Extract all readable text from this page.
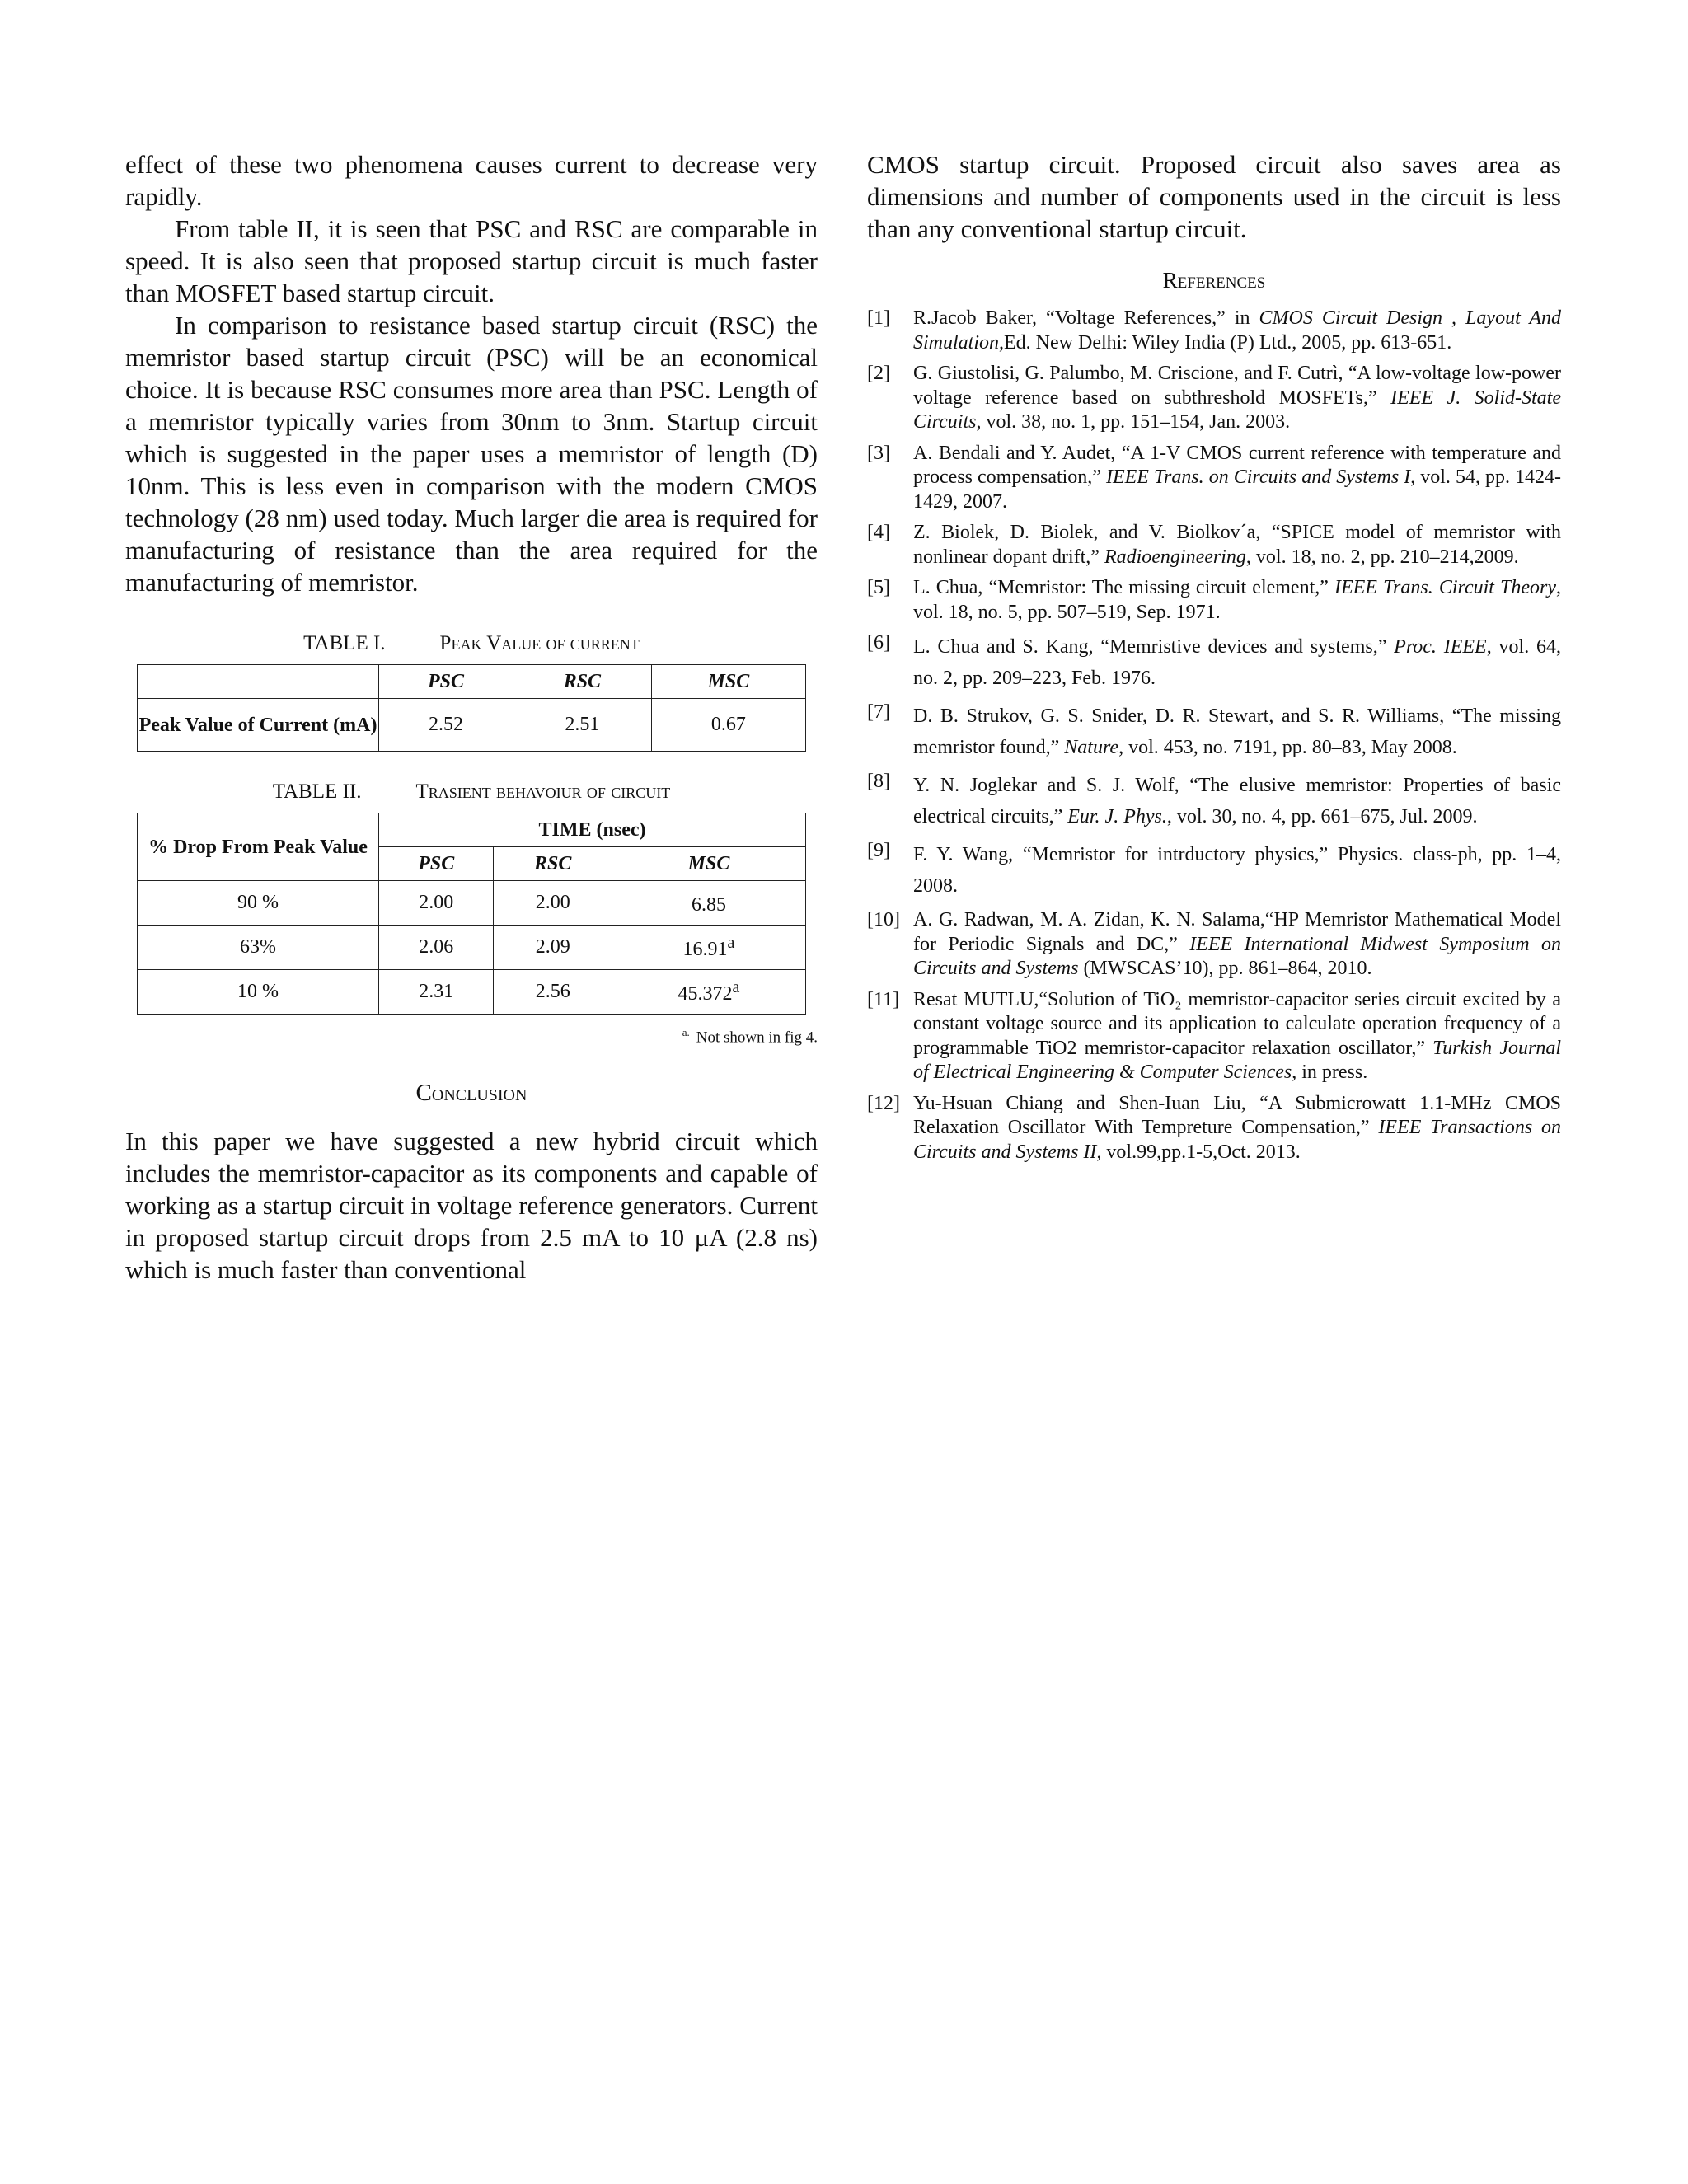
effect of these two phenomena causes current to decrease very rapidly.

From table II, it is seen that PSC and RSC are comparable in speed. It is also seen that proposed startup circuit is much faster than MOSFET based startup circuit.

In comparison to resistance based startup circuit (RSC) the memristor based startup circuit (PSC) will be an economical choice. It is because RSC consumes more area than PSC. Length of a memristor typically varies from 30nm to 3nm. Startup circuit which is suggested in the paper uses a memristor of length (D) 10nm. This is less even in comparison with the modern CMOS technology (28 nm) used today. Much larger die area is required for manufacturing of resistance than the area required for the manufacturing of memristor.

TABLE I.	Peak Value of current
	PSC	RSC	MSC
Peak Value of Current (mA)	2.52	2.51	0.67
TABLE II.	Trasient behavoiur of circuit
% Drop From Peak Value	TIME (nsec)		
	PSC	RSC	MSC
90 %	2.00	2.00	6.85
63%	2.06	2.09	16.91$^a$
10 %	2.31	2.56	45.372$^a$
$^{a.}$ Not shown in fig 4.
Conclusion

In this paper we have suggested a new hybrid circuit which includes the memristor-capacitor as its components and capable of working as a startup circuit in voltage reference generators. Current in proposed startup circuit drops from 2.5 mA to 10 µA (2.8 ns) which is much faster than conventional

CMOS startup circuit. Proposed circuit also saves area as dimensions and number of components used in the circuit is less than any conventional startup circuit.

References
[1]	R.Jacob Baker, “Voltage References,” in CMOS Circuit Design , Layout And Simulation,Ed. New Delhi: Wiley India (P) Ltd., 2005, pp. 613-651.
[2]	G. Giustolisi, G. Palumbo, M. Criscione, and F. Cutrì, “A low-voltage low-power voltage reference based on subthreshold MOSFETs,” IEEE J. Solid-State Circuits, vol. 38, no. 1, pp. 151–154, Jan. 2003.
[3]	A. Bendali and Y. Audet, “A 1-V CMOS current reference with temperature and process compensation,” IEEE Trans. on Circuits and Systems I, vol. 54, pp. 1424-1429, 2007.
[4]	Z. Biolek, D. Biolek, and V. Biolkov´a, “SPICE model of memristor with nonlinear dopant drift,” Radioengineering, vol. 18, no. 2, pp. 210–214,2009.
[5]	L. Chua, “Memristor: The missing circuit element,” IEEE Trans. Circuit Theory, vol. 18, no. 5, pp. 507–519, Sep. 1971.
[6]	L. Chua and S. Kang, “Memristive devices and systems,” Proc. IEEE, vol. 64, no. 2, pp. 209–223, Feb. 1976.
[7]	D. B. Strukov, G. S. Snider, D. R. Stewart, and S. R. Williams, “The missing memristor found,” Nature, vol. 453, no. 7191, pp. 80–83, May 2008.
[8]	Y. N. Joglekar and S. J. Wolf, “The elusive memristor: Properties of basic electrical circuits,” Eur. J. Phys., vol. 30, no. 4, pp. 661–675, Jul. 2009.
[9]	F. Y. Wang, “Memristor for intrductory physics,” Physics. class-ph, pp. 1–4, 2008.
[10] A. G. Radwan, M. A. Zidan, K. N. Salama,“HP Memristor Mathematical Model for Periodic Signals and DC,” IEEE International Midwest Symposium on Circuits and Systems (MWSCAS’10), pp. 861–864, 2010.
[11] Resat MUTLU,“Solution of TiO₂ memristor-capacitor series circuit excited by a constant voltage source and its application to calculate operation frequency of a programmable TiO2 memristor-capacitor relaxation oscillator,” Turkish Journal of Electrical Engineering & Computer Sciences, in press.
[12] Yu-Hsuan Chiang and Shen-Iuan Liu, “A Submicrowatt 1.1-MHz CMOS Relaxation Oscillator With Tempreture Compensation,” IEEE Transactions on Circuits and Systems II, vol.99,pp.1-5,Oct. 2013.
